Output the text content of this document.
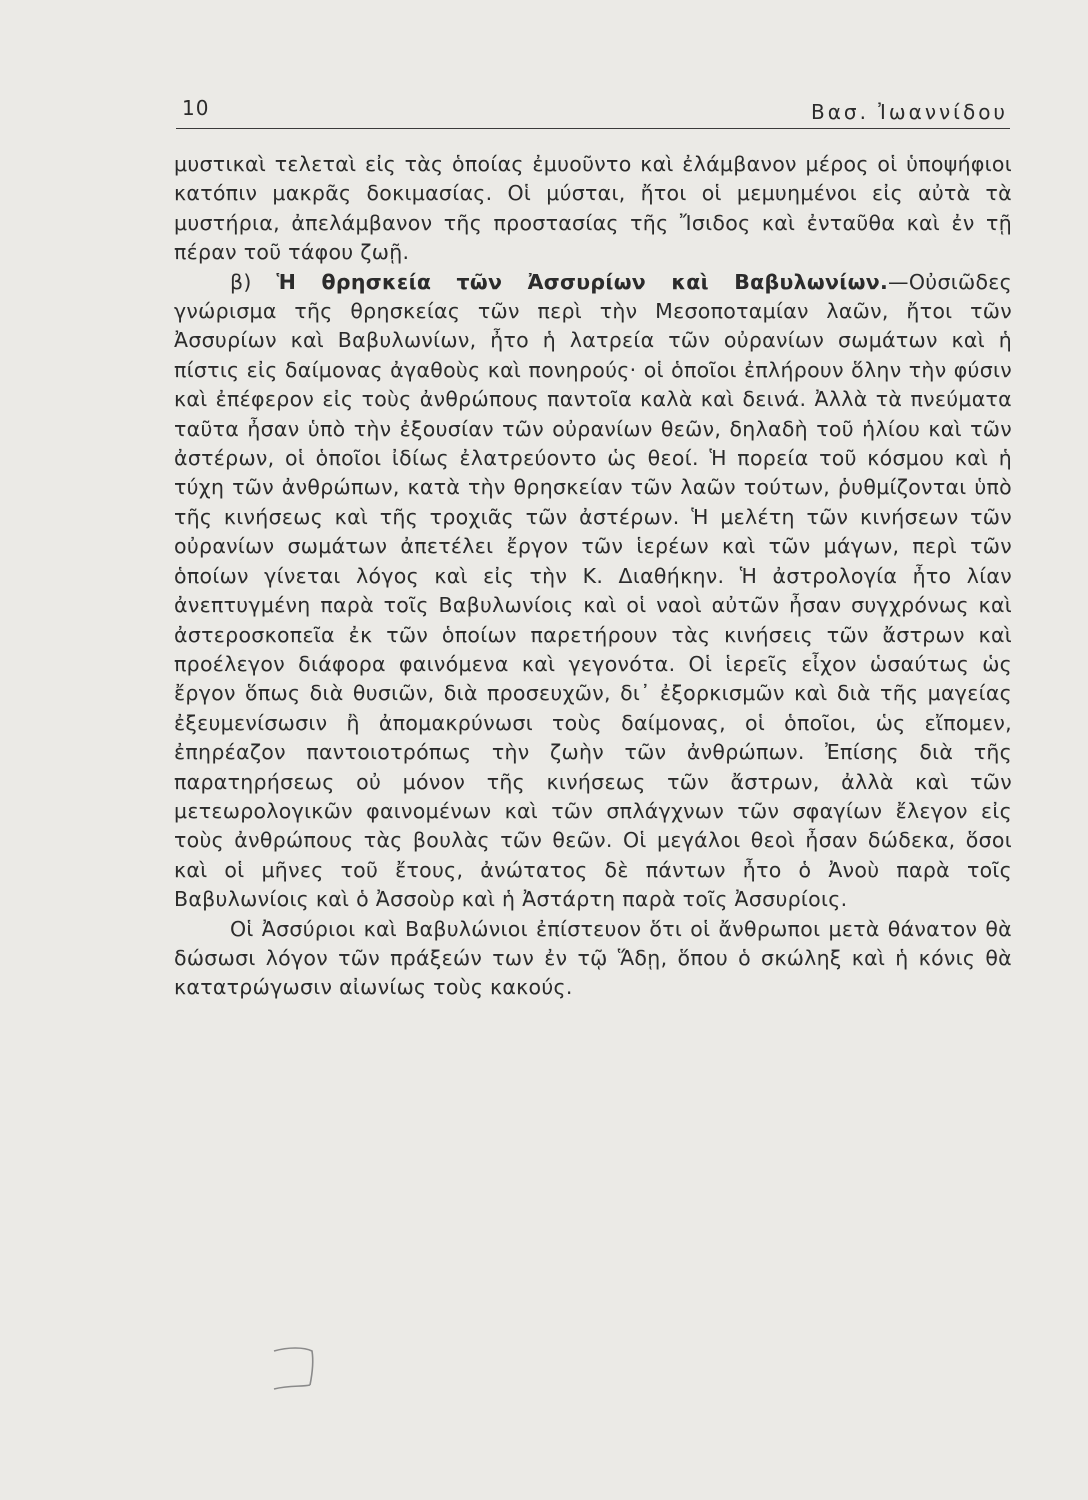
10	Βασ. Ἰωαννίδου

μυστικαὶ τελεταὶ εἰς τὰς ὁποίας ἐμυοῦντο καὶ ἐλάμβανον μέρος οἱ ὑποψήφιοι κατόπιν μακρᾶς δοκιμασίας. Οἱ μύσται, ἤτοι οἱ μεμυημένοι εἰς αὐτὰ τὰ μυστήρια, ἀπελάμβανον τῆς προστασίας τῆς Ἴσιδος καὶ ἐνταῦθα καὶ ἐν τῇ πέραν τοῦ τάφου ζωῇ.

β) Ἡ θρησκεία τῶν Ἀσσυρίων καὶ Βαβυλωνίων.—Οὐσιῶδες γνώρισμα τῆς θρησκείας τῶν περὶ τὴν Μεσοποταμίαν λαῶν, ἤτοι τῶν Ἀσσυρίων καὶ Βαβυλωνίων, ἦτο ἡ λατρεία τῶν οὐρανίων σωμάτων καὶ ἡ πίστις εἰς δαίμονας ἀγαθοὺς καὶ πονηρούς· οἱ ὁποῖοι ἐπλήρουν ὅλην τὴν φύσιν καὶ ἐπέφερον εἰς τοὺς ἀνθρώπους παντοῖα καλὰ καὶ δεινά. Ἀλλὰ τὰ πνεύματα ταῦτα ἦσαν ὑπὸ τὴν ἐξουσίαν τῶν οὐρανίων θεῶν, δηλαδὴ τοῦ ἡλίου καὶ τῶν ἀστέρων, οἱ ὁποῖοι ἰδίως ἐλατρεύοντο ὡς θεοί. Ἡ πορεία τοῦ κόσμου καὶ ἡ τύχη τῶν ἀνθρώπων, κατὰ τὴν θρησκείαν τῶν λαῶν τούτων, ῥυθμίζονται ὑπὸ τῆς κινήσεως καὶ τῆς τροχιᾶς τῶν ἀστέρων. Ἡ μελέτη τῶν κινήσεων τῶν οὐρανίων σωμάτων ἀπετέλει ἔργον τῶν ἱερέων καὶ τῶν μάγων, περὶ τῶν ὁποίων γίνεται λόγος καὶ εἰς τὴν Κ. Διαθήκην. Ἡ ἀστρολογία ἦτο λίαν ἀνεπτυγμένη παρὰ τοῖς Βαβυλωνίοις καὶ οἱ ναοὶ αὐτῶν ἦσαν συγχρόνως καὶ ἀστεροσκοπεῖα ἐκ τῶν ὁποίων παρετήρουν τὰς κινήσεις τῶν ἄστρων καὶ προέλεγον διάφορα φαινόμενα καὶ γεγονότα. Οἱ ἱερεῖς εἶχον ὡσαύτως ὡς ἔργον ὅπως διὰ θυσιῶν, διὰ προσευχῶν, δι᾽ ἐξορκισμῶν καὶ διὰ τῆς μαγείας ἐξευμενίσωσιν ἢ ἀπομακρύνωσι τοὺς δαίμονας, οἱ ὁποῖοι, ὡς εἴπομεν, ἐπηρέαζον παντοιοτρόπως τὴν ζωὴν τῶν ἀνθρώπων. Ἐπίσης διὰ τῆς παρατηρήσεως οὐ μόνον τῆς κινήσεως τῶν ἄστρων, ἀλλὰ καὶ τῶν μετεωρολογικῶν φαινομένων καὶ τῶν σπλάγχνων τῶν σφαγίων ἔλεγον εἰς τοὺς ἀνθρώπους τὰς βουλὰς τῶν θεῶν. Οἱ μεγάλοι θεοὶ ἦσαν δώδεκα, ὅσοι καὶ οἱ μῆνες τοῦ ἔτους, ἀνώτατος δὲ πάντων ἦτο ὁ Ἀνοὺ παρὰ τοῖς Βαβυλωνίοις καὶ ὁ Ἀσσοὺρ καὶ ἡ Ἀστάρτη παρὰ τοῖς Ἀσσυρίοις.

Οἱ Ἀσσύριοι καὶ Βαβυλώνιοι ἐπίστευον ὅτι οἱ ἄνθρωποι μετὰ θάνατον θὰ δώσωσι λόγον τῶν πράξεών των ἐν τῷ Ἅδῃ, ὅπου ὁ σκώληξ καὶ ἡ κόνις θὰ κατατρώγωσιν αἰωνίως τοὺς κακούς.
